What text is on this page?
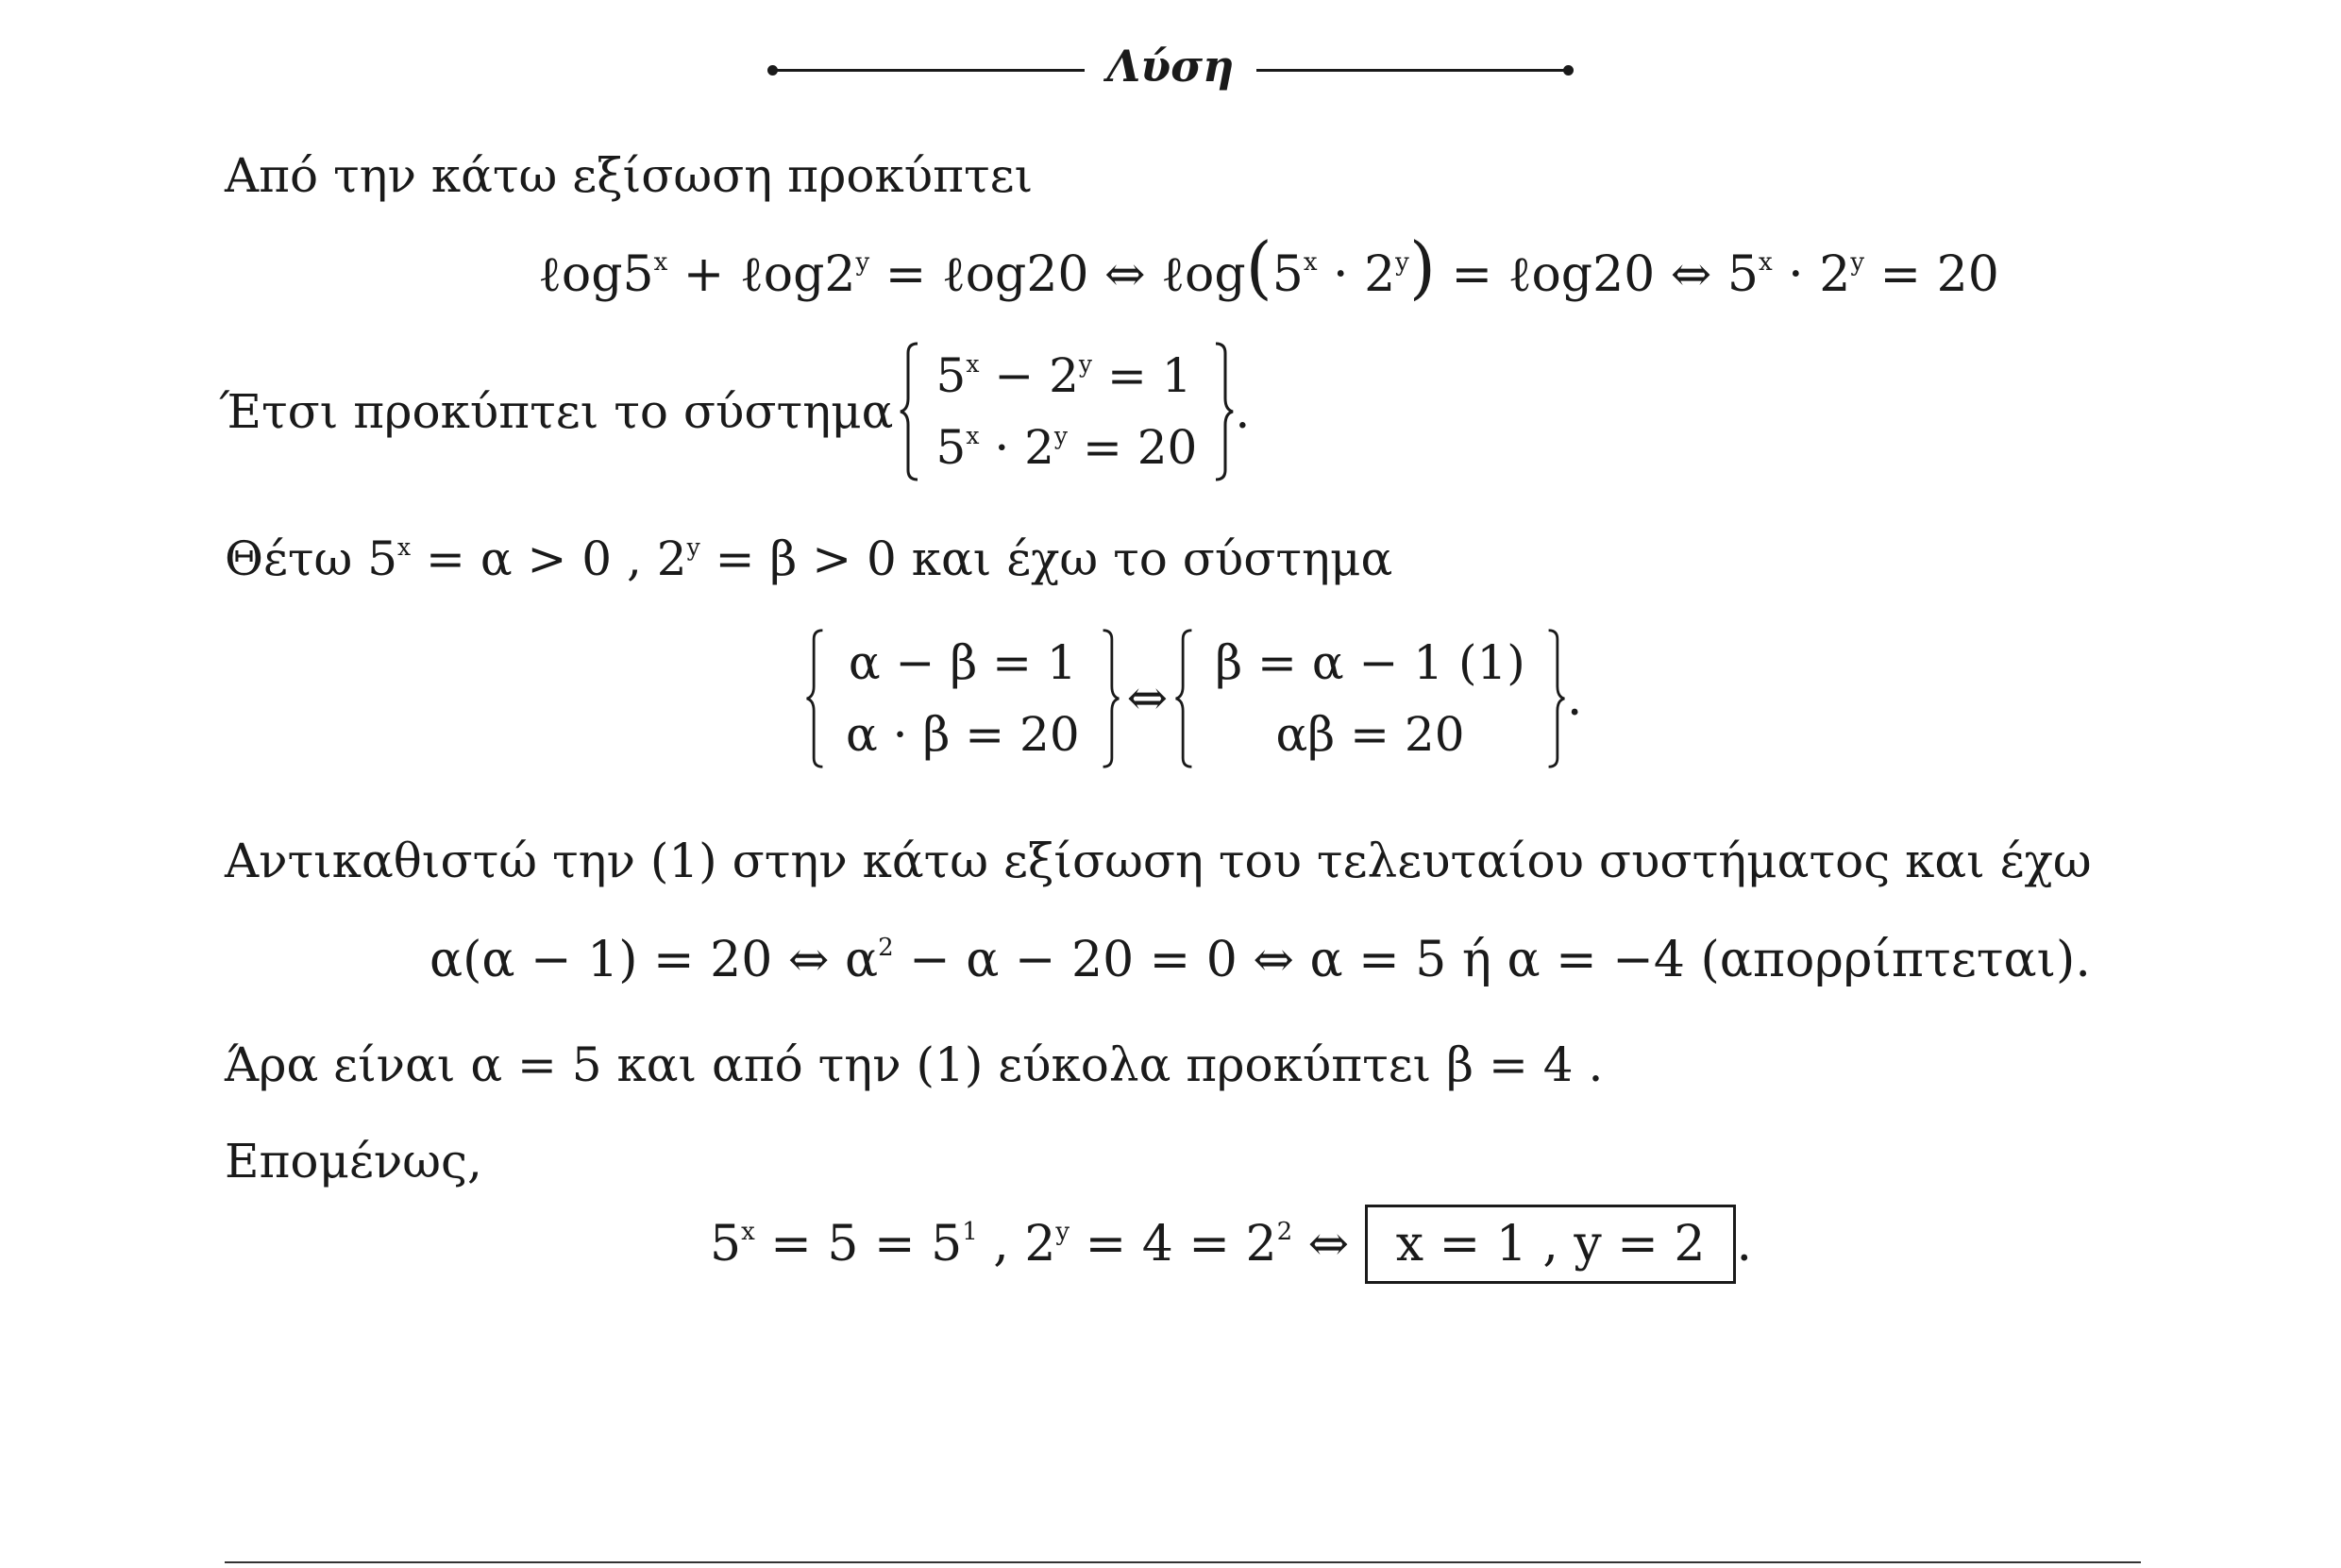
Λύση
Από την κάτω εξίσωση προκύπτει
$\ell og5^x$ + $\ell og2^y$ = ℓog20 ⇔ $\ell og(5^x \cdot 2^y)$ = ℓog20 ⇔ $5^x \cdot 2^y = 20$
Έτσι προκύπτει το σύστημα
$5^x - 2^y = 1$
$5^x \cdot 2^y = 20$
.
Θέτω $5^x = \alpha > 0$ , $2^y = \beta > 0$ και έχω το σύστημα
α − β = 1
α · β = 20
⇔
β = α − 1 (1)
αβ = 20
.
Αντικαθιστώ την (1) στην κάτω εξίσωση του τελευταίου συστήματος και έχω
α(α − 1) = 20 ⇔ $\alpha^2 - \alpha - 20 = 0$ ⇔ α = 5 ή α = −4 (απορρίπτεται).
Άρα είναι α = 5 και από την (1) εύκολα προκύπτει β = 4 .
Επομένως,
$5^x = 5 = 5^1$ , $2^y = 4 = 2^2$ ⇔ x = 1 , y = 2 .
